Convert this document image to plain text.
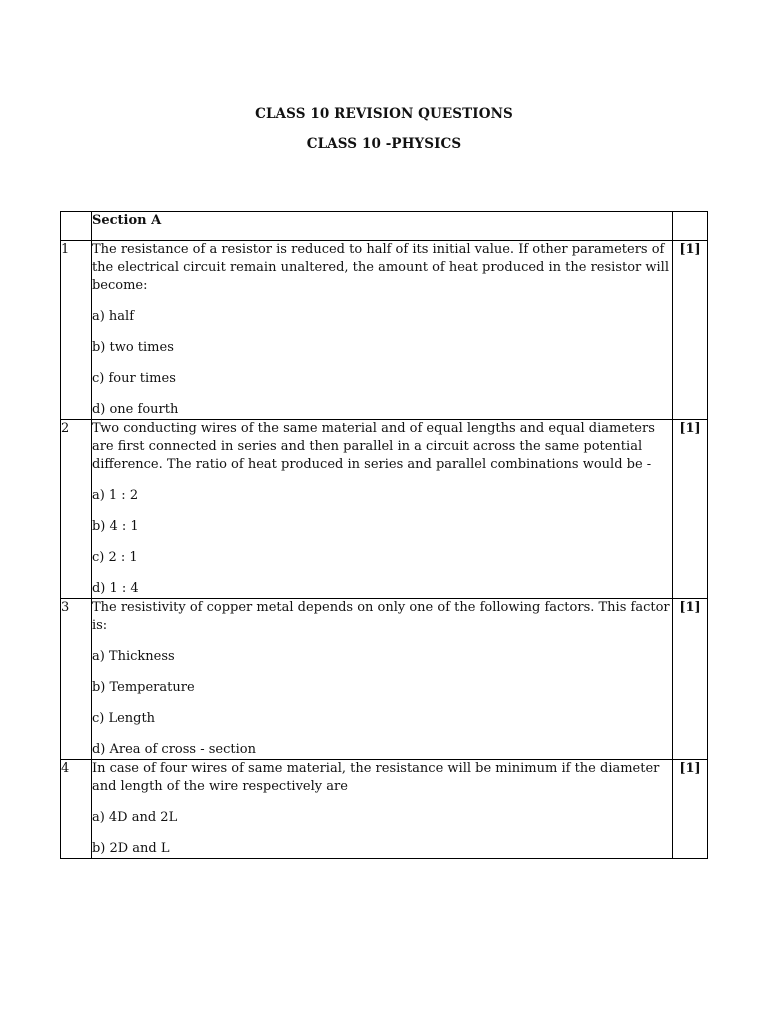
CLASS 10 REVISION QUESTIONS
CLASS 10 -PHYSICS
	Section A	
1	The resistance of a resistor is reduced to half of its initial value. If other parameters of the electrical circuit remain unaltered, the amount of heat produced in the resistor will become:

a) half

b) two times

c) four times

d) one fourth	[1]
2	Two conducting wires of the same material and of equal lengths and equal diameters are first connected in series and then parallel in a circuit across the same potential difference. The ratio of heat produced in series and parallel combinations would be -

a) 1 : 2

b) 4 : 1

c) 2 : 1

d) 1 : 4	[1]
3	The resistivity of copper metal depends on only one of the following factors. This factor is:

a) Thickness

b) Temperature

c) Length

d) Area of cross - section	[1]
4	In case of four wires of same material, the resistance will be minimum if the diameter and length of the wire respectively are

a) 4D and 2L

b) 2D and L	[1]
